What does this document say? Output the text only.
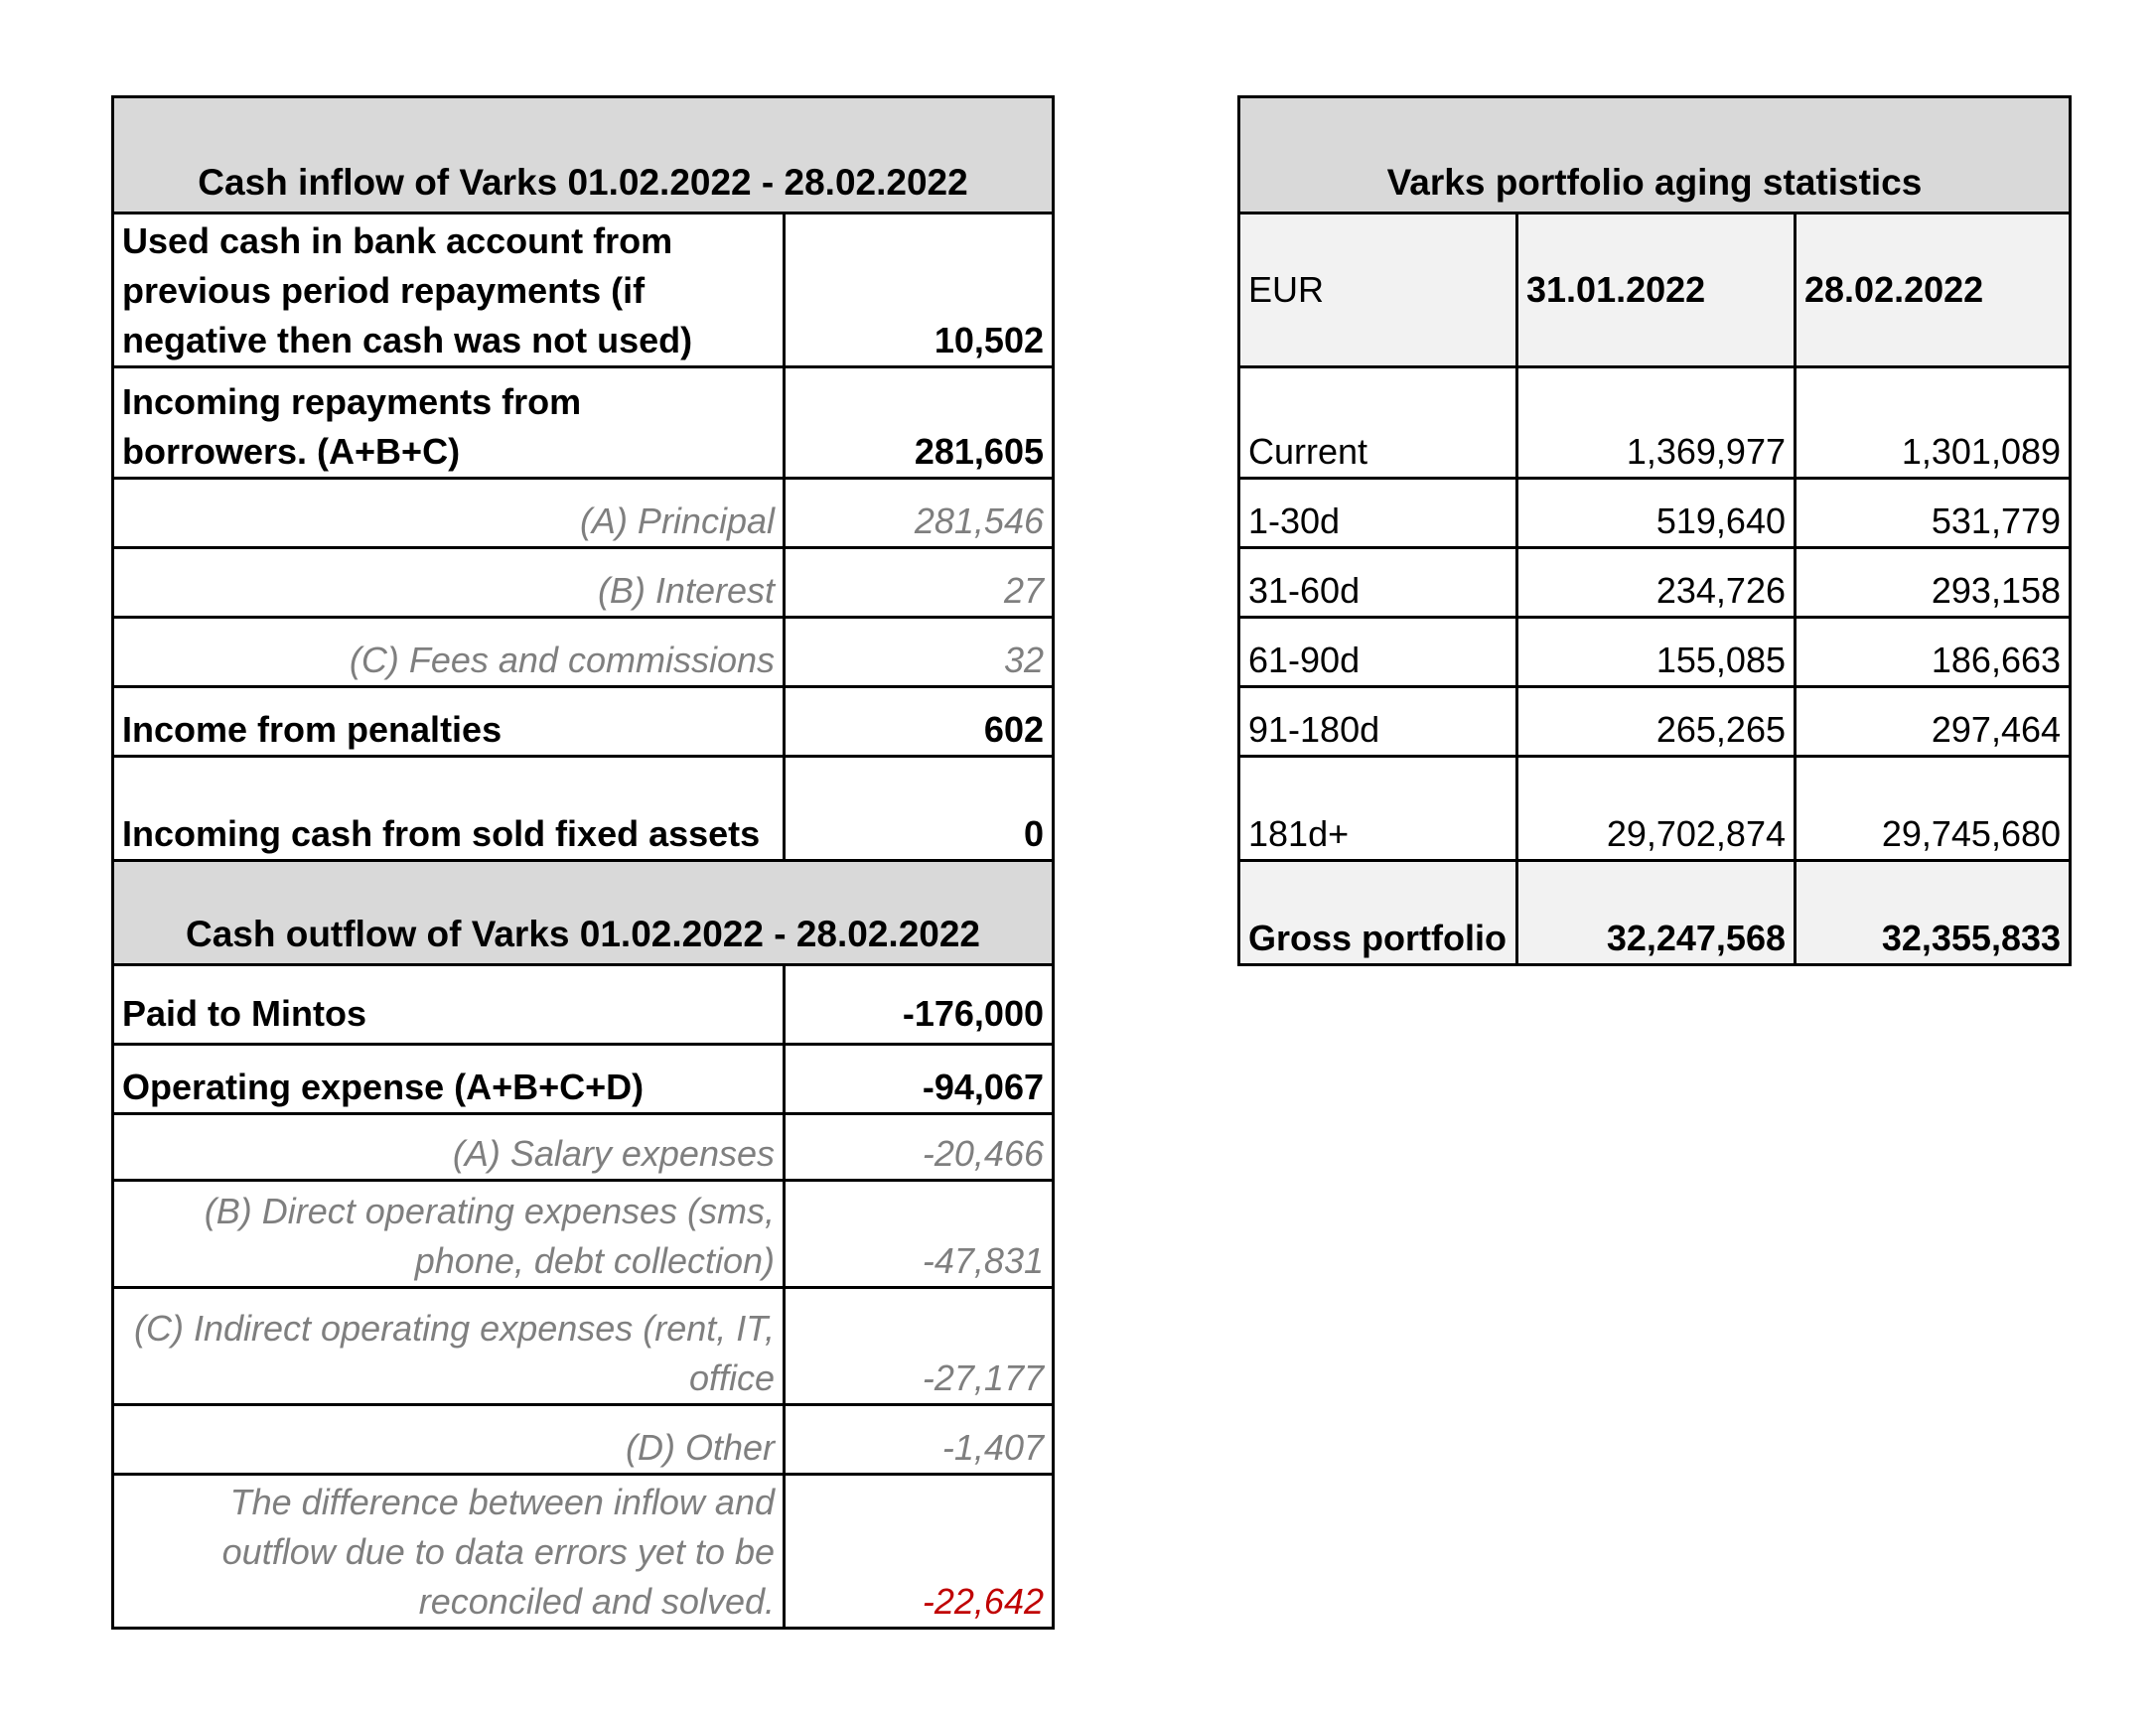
Cash inflow of Varks 01.02.2022 - 28.02.2022	
Used cash in bank account from previous period repayments (if negative then cash was not used)	10,502
Incoming repayments from borrowers. (A+B+C)	281,605
(A) Principal	281,546
(B) Interest	27
(C) Fees and commissions	32
Income from penalties	602
Incoming cash from sold fixed assets	0
Cash outflow of Varks 01.02.2022 - 28.02.2022	
Paid to Mintos	-176,000
Operating expense (A+B+C+D)	-94,067
(A) Salary expenses	-20,466
(B) Direct operating expenses (sms, phone, debt collection)	-47,831
(C) Indirect operating expenses (rent, IT, office	-27,177
(D) Other	-1,407
The difference between inflow and outflow due to data errors yet to be reconciled and solved.	-22,642
Varks portfolio aging statistics		
EUR	31.01.2022	28.02.2022
Current	1,369,977	1,301,089
1-30d	519,640	531,779
31-60d	234,726	293,158
61-90d	155,085	186,663
91-180d	265,265	297,464
181d+	29,702,874	29,745,680
Gross portfolio	32,247,568	32,355,833
